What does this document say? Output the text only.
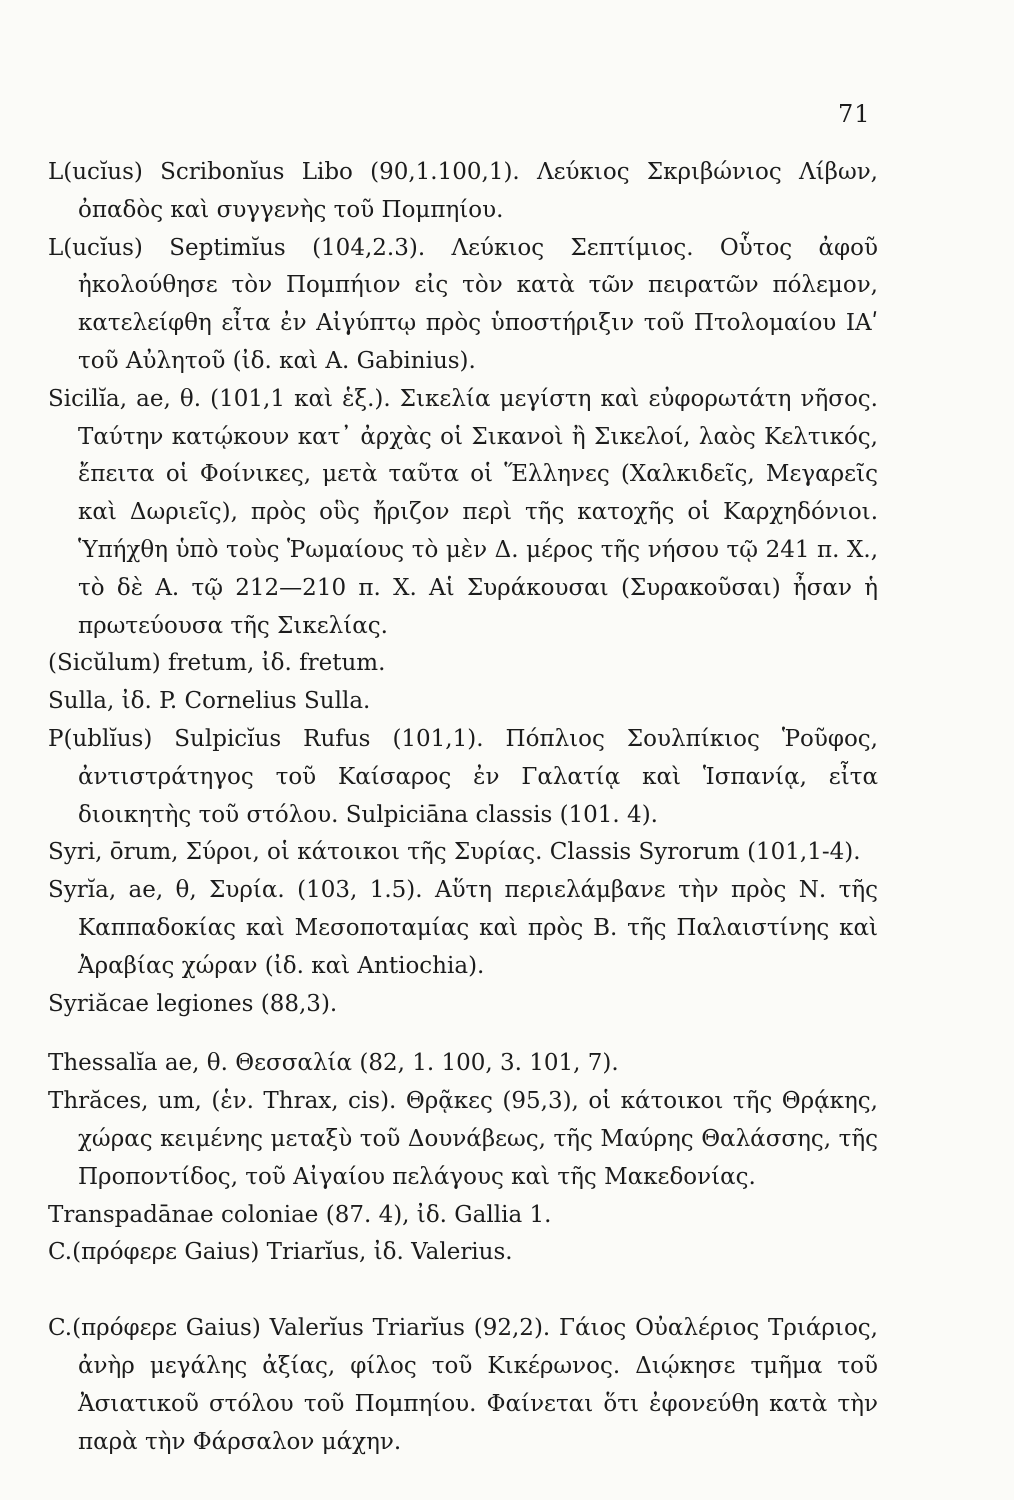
71

L(ucĭus) Scribonĭus Libo (90,1.100,1). Λεύκιος Σκριβώνιος Λίβων, ὀπαδὸς καὶ συγγενὴς τοῦ Πομπηίου.

L(ucĭus) Septimĭus (104,2.3). Λεύκιος Σεπτίμιος. Οὗτος ἀφοῦ ἠκολούθησε τὸν Πομπήιον εἰς τὸν κατὰ τῶν πειρατῶν πόλεμον, κατελείφθη εἶτα ἐν Αἰγύπτῳ πρὸς ὑποστήριξιν τοῦ Πτολομαίου ΙΑʹ τοῦ Αὐλητοῦ (ἰδ. καὶ A. Gabinius).

Sicilĭa, ae, θ. (101,1 καὶ ἑξ.). Σικελία μεγίστη καὶ εὐφορωτάτη νῆσος. Ταύτην κατῴκουν κατ᾽ ἀρχὰς οἱ Σικανοὶ ἢ Σικελοί, λαὸς Κελτικός, ἔπειτα οἱ Φοίνικες, μετὰ ταῦτα οἱ Ἕλληνες (Χαλκιδεῖς, Μεγαρεῖς καὶ Δωριεῖς), πρὸς οὓς ἤριζον περὶ τῆς κατοχῆς οἱ Καρχηδόνιοι. Ὑπήχθη ὑπὸ τοὺς Ῥωμαίους τὸ μὲν Δ. μέρος τῆς νήσου τῷ 241 π. Χ., τὸ δὲ Α. τῷ 212—210 π. Χ. Αἱ Συράκουσαι (Συρακοῦσαι) ἦσαν ἡ πρωτεύουσα τῆς Σικελίας.

(Sicŭlum) fretum, ἰδ. fretum.

Sulla, ἰδ. P. Cornelius Sulla.

P(ublĭus) Sulpicĭus Rufus (101,1). Πόπλιος Σουλπίκιος Ῥοῦφος, ἀντιστράτηγος τοῦ Καίσαρος ἐν Γαλατίᾳ καὶ Ἱσπανίᾳ, εἶτα διοικητὴς τοῦ στόλου. Sulpiciāna classis (101. 4).

Syri, ōrum, Σύροι, οἱ κάτοικοι τῆς Συρίας. Classis Syrorum (101,1-4).

Syrĭa, ae, θ, Συρία. (103, 1.5). Αὕτη περιελάμβανε τὴν πρὸς Ν. τῆς Καππαδοκίας καὶ Μεσοποταμίας καὶ πρὸς Β. τῆς Παλαιστίνης καὶ Ἀραβίας χώραν (ἰδ. καὶ Antiochia).

Syriăcae legiones (88,3).

Thessalĭa ae, θ. Θεσσαλία (82, 1. 100, 3. 101, 7).

Thrăces, um, (ἑν. Thrax, cis). Θρᾷκες (95,3), οἱ κάτοικοι τῆς Θρᾴκης, χώρας κειμένης μεταξὺ τοῦ Δουνάβεως, τῆς Μαύρης Θαλάσσης, τῆς Προποντίδος, τοῦ Αἰγαίου πελάγους καὶ τῆς Μακεδονίας.

Transpadānae coloniae (87. 4), ἰδ. Gallia 1.

C.(πρόφερε Gaius) Triarĭus, ἰδ. Valerius.

C.(πρόφερε Gaius) Valerĭus Triarĭus (92,2). Γάιος Οὐαλέριος Τριάριος, ἀνὴρ μεγάλης ἀξίας, φίλος τοῦ Κικέρωνος. Διῴκησε τμῆμα τοῦ Ἀσιατικοῦ στόλου τοῦ Πομπηίου. Φαίνεται ὅτι ἐφονεύθη κατὰ τὴν παρὰ τὴν Φάρσαλον μάχην.
